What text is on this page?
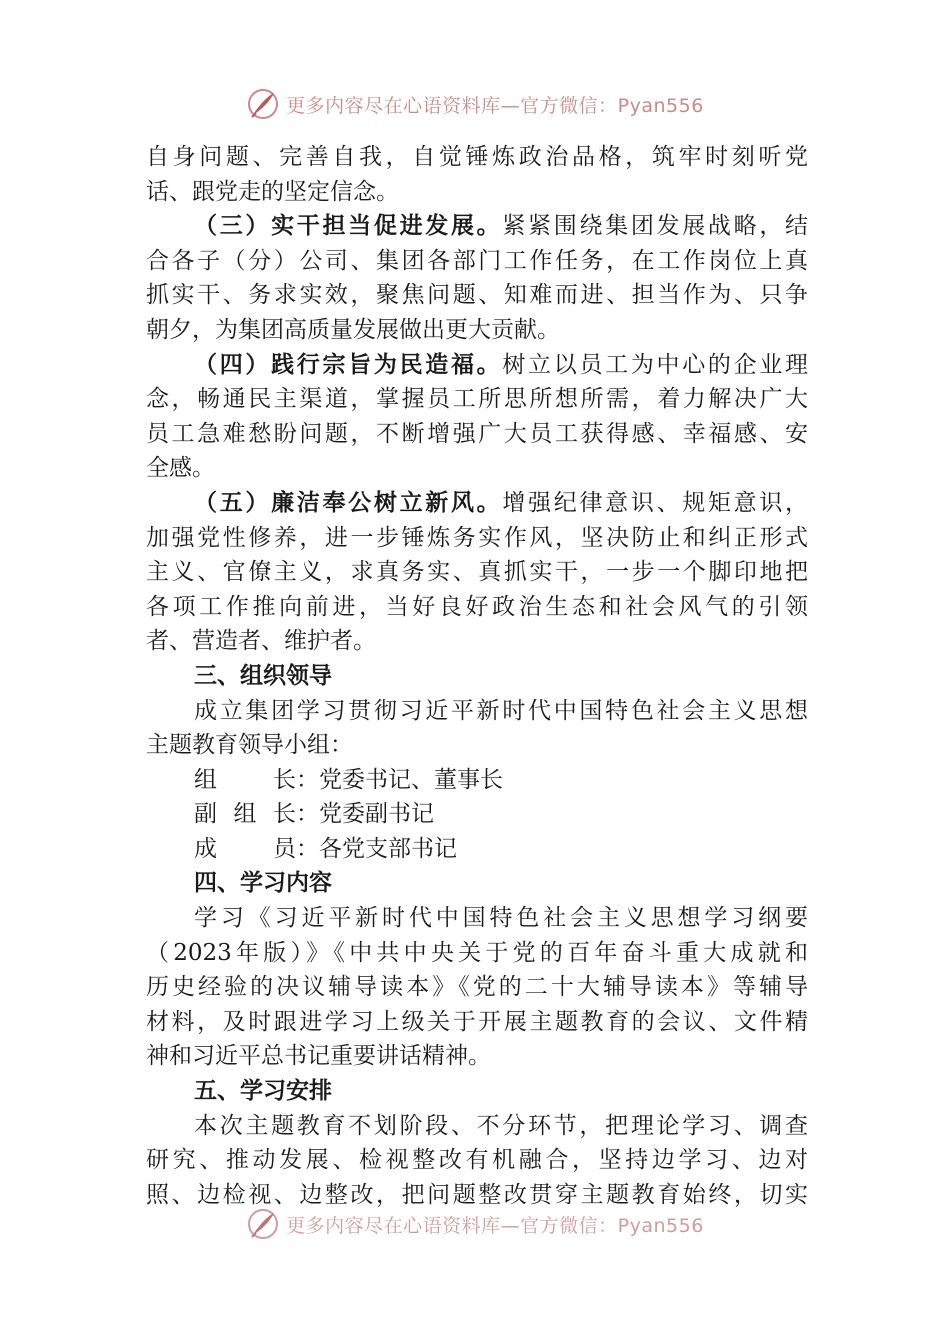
更多内容尽在心语资料库—官方微信：Pyan556
自身问题、完善自我，自觉锤炼政治品格，筑牢时刻听党
话、跟党走的坚定信念。
（三）实干担当促进发展。紧紧围绕集团发展战略，结
合各子（分）公司、集团各部门工作任务，在工作岗位上真
抓实干、务求实效，聚焦问题、知难而进、担当作为、只争
朝夕，为集团高质量发展做出更大贡献。
（四）践行宗旨为民造福。树立以员工为中心的企业理
念，畅通民主渠道，掌握员工所思所想所需，着力解决广大
员工急难愁盼问题，不断增强广大员工获得感、幸福感、安
全感。
（五）廉洁奉公树立新风。增强纪律意识、规矩意识，
加强党性修养，进一步锤炼务实作风，坚决防止和纠正形式
主义、官僚主义，求真务实、真抓实干，一步一个脚印地把
各项工作推向前进，当好良好政治生态和社会风气的引领
者、营造者、维护者。
三、组织领导
成立集团学习贯彻习近平新时代中国特色社会主义思想
主题教育领导小组：
组长：党委书记、董事长
副组长：党委副书记
成员：各党支部书记
四、学习内容
学习《习近平新时代中国特色社会主义思想学习纲要
（2023年版）》《中共中央关于党的百年奋斗重大成就和
历史经验的决议辅导读本》《党的二十大辅导读本》等辅导
材料，及时跟进学习上级关于开展主题教育的会议、文件精
神和习近平总书记重要讲话精神。
五、学习安排
本次主题教育不划阶段、不分环节，把理论学习、调查
研究、推动发展、检视整改有机融合，坚持边学习、边对
照、边检视、边整改，把问题整改贯穿主题教育始终，切实
更多内容尽在心语资料库—官方微信：Pyan556
